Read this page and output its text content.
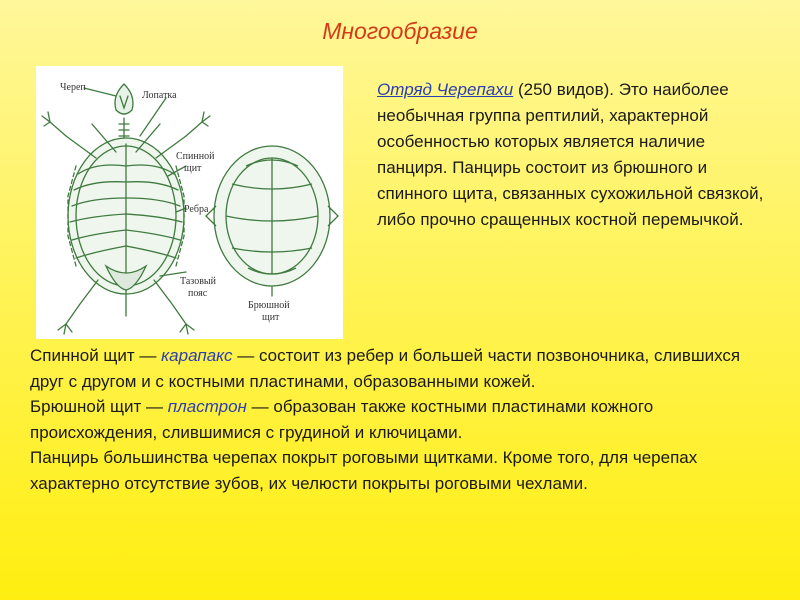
Многообразие
Череп
Лопатка
Спинной
щит
Ребра
Тазовый
пояс
Брюшной
щит
Отряд Черепахи (250 видов). Это наиболее необычная группа рептилий, характерной особенностью которых является наличие панциря. Панцирь состоит из брюшного и спинного щита, связанных сухожильной связкой, либо прочно сращенных костной перемычкой.
Спинной щит — карапакс — состоит из ребер и большей части позвоночника, слившихся друг с другом и с костными пластинами, образованными кожей.
Брюшной щит — пластрон — образован также костными пластинами кожного происхождения, слившимися с грудиной и ключицами.
Панцирь большинства черепах покрыт роговыми щитками. Кроме того, для черепах характерно отсутствие зубов, их челюсти покрыты роговыми чехлами.
